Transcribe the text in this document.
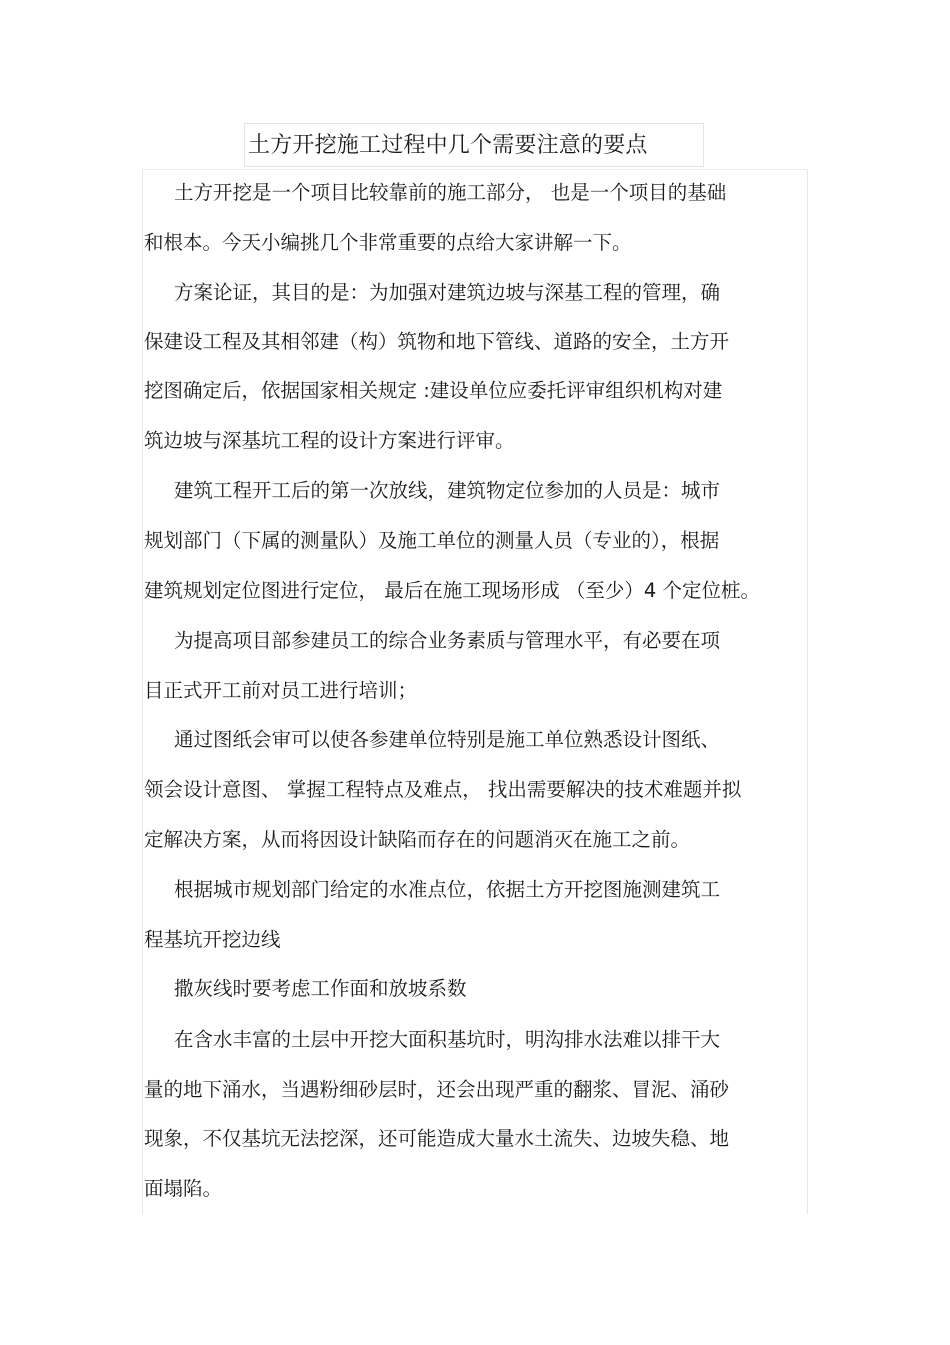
土方开挖施工过程中几个需要注意的要点
土方开挖是一个项目比较靠前的施工部分， 也是一个项目的基础
和根本。今天小编挑几个非常重要的点给大家讲解一下。
方案论证，其目的是：为加强对建筑边坡与深基工程的管理，确
保建设工程及其相邻建（构）筑物和地下管线、道路的安全，土方开
挖图确定后，依据国家相关规定 :建设单位应委托评审组织机构对建
筑边坡与深基坑工程的设计方案进行评审。
建筑工程开工后的第一次放线，建筑物定位参加的人员是：城市
规划部门（下属的测量队）及施工单位的测量人员（专业的），根据
建筑规划定位图进行定位， 最后在施工现场形成 （至少）4 个定位桩。
为提高项目部参建员工的综合业务素质与管理水平，有必要在项
目正式开工前对员工进行培训；
通过图纸会审可以使各参建单位特别是施工单位熟悉设计图纸、
领会设计意图、 掌握工程特点及难点， 找出需要解决的技术难题并拟
定解决方案，从而将因设计缺陷而存在的问题消灭在施工之前。
根据城市规划部门给定的水准点位，依据土方开挖图施测建筑工
程基坑开挖边线
撒灰线时要考虑工作面和放坡系数
在含水丰富的土层中开挖大面积基坑时，明沟排水法难以排干大
量的地下涌水，当遇粉细砂层时，还会出现严重的翻浆、冒泥、涌砂
现象，不仅基坑无法挖深，还可能造成大量水土流失、边坡失稳、地
面塌陷。
